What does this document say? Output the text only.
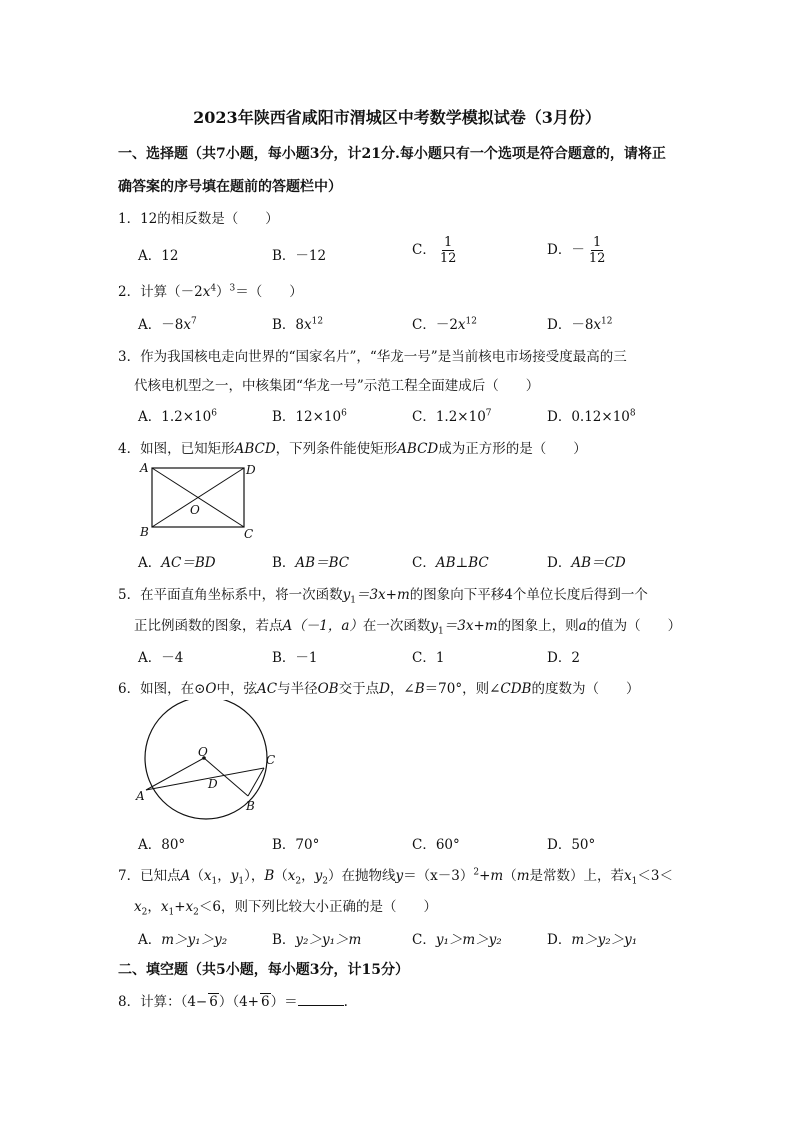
2023年陕西省咸阳市渭城区中考数学模拟试卷（3月份）
一、选择题（共7小题，每小题3分，计21分.每小题只有一个选项是符合题意的，请将正
确答案的序号填在题前的答题栏中）
1．12的相反数是（　　）
A．12	B．－12	C． $\frac{1}{12}$	D．－ $\frac{1}{12}$
2．计算$(-2x^4)^3=$（　　）
A．$-8x^7$	B．$8x^{12}$	C．$-2x^{12}$	D．$-8x^{12}$
3．作为我国核电走向世界的“国家名片”，“华龙一号”是当前核电市场接受度最高的三
代核电机型之一，中核集团“华龙一号”示范工程全面建成后（　　）
A．$1.2\times 10^6$	B．$12\times 10^6$	C．$1.2\times 10^7$	D．$0.12\times 10^8$
4．如图，已知矩形ABCD，下列条件能使矩形ABCD成为正方形的是（　　）
A	D
B	C
O
A．AC＝BD	B．AB＝BC	C．AB⊥BC	D．AB＝CD
5．在平面直角坐标系中，将一次函数$y_1=3x+m$的图象向下平移4个单位长度后得到一个
正比例函数的图象，若点A（－1，a）在一次函数$y_1=3x+m$的图象上，则a的值为（　　）
A．－4	B．－1	C．1	D．2
6．如图，在⊙O中，弦AC与半径OB交于点D，∠B＝70°，则∠CDB的度数为（　　）
O
A
B
C
D
A．80°	B．70°	C．60°	D．50°
7．已知点$A(x_1$，$y_1$），$B(x_2$，$y_2$）在抛物线$y=(x-3)^2+m(m$是常数）上，若$x_1<3<$
$x_2$，$x_1+x_2<6$，则下列比较大小正确的是（　　）
A．m＞y₁＞y₂	B．y₂＞y₁＞m	C．y₁＞m＞y₂	D．m＞y₂＞y₁
二、填空题（共5小题，每小题3分，计15分）
8．计算：（4− 6）（4+ 6）＝	.
